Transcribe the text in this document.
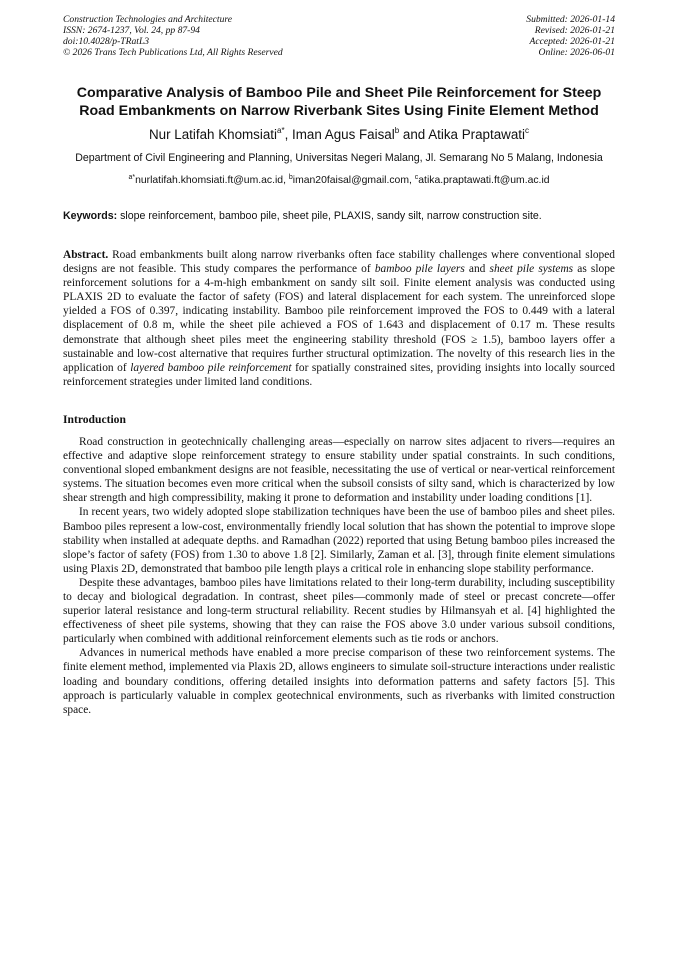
Construction Technologies and Architecture
ISSN: 2674-1237, Vol. 24, pp 87-94
doi:10.4028/p-TRatL3
© 2026 Trans Tech Publications Ltd, All Rights Reserved
Submitted: 2026-01-14
Revised: 2026-01-21
Accepted: 2026-01-21
Online: 2026-06-01
Comparative Analysis of Bamboo Pile and Sheet Pile Reinforcement for Steep Road Embankments on Narrow Riverbank Sites Using Finite Element Method
Nur Latifah Khomsiati$^{a*}$, Iman Agus Faisal$^b$ and Atika Praptawati$^c$
Department of Civil Engineering and Planning, Universitas Negeri Malang, Jl. Semarang No 5 Malang, Indonesia
$^{a*}$nurlatifah.khomsiati.ft@um.ac.id, $^b$iman20faisal@gmail.com, $^c$atika.praptawati.ft@um.ac.id
Keywords: slope reinforcement, bamboo pile, sheet pile, PLAXIS, sandy silt, narrow construction site.
Abstract. Road embankments built along narrow riverbanks often face stability challenges where conventional sloped designs are not feasible. This study compares the performance of bamboo pile layers and sheet pile systems as slope reinforcement solutions for a 4-m-high embankment on sandy silt soil. Finite element analysis was conducted using PLAXIS 2D to evaluate the factor of safety (FOS) and lateral displacement for each system. The unreinforced slope yielded a FOS of 0.397, indicating instability. Bamboo pile reinforcement improved the FOS to 0.449 with a lateral displacement of 0.8 m, while the sheet pile achieved a FOS of 1.643 and displacement of 0.17 m. These results demonstrate that although sheet piles meet the engineering stability threshold (FOS ≥ 1.5), bamboo layers offer a sustainable and low-cost alternative that requires further structural optimization. The novelty of this research lies in the application of layered bamboo pile reinforcement for spatially constrained sites, providing insights into locally sourced reinforcement strategies under limited land conditions.
Introduction

Road construction in geotechnically challenging areas—especially on narrow sites adjacent to rivers—requires an effective and adaptive slope reinforcement strategy to ensure stability under spatial constraints. In such conditions, conventional sloped embankment designs are not feasible, necessitating the use of vertical or near-vertical reinforcement systems. The situation becomes even more critical when the subsoil consists of silty sand, which is characterized by low shear strength and high compressibility, making it prone to deformation and instability under loading conditions [1].

In recent years, two widely adopted slope stabilization techniques have been the use of bamboo piles and sheet piles. Bamboo piles represent a low-cost, environmentally friendly local solution that has shown the potential to improve slope stability when installed at adequate depths. and Ramadhan (2022) reported that using Betung bamboo piles increased the slope’s factor of safety (FOS) from 1.30 to above 1.8 [2]. Similarly, Zaman et al. [3], through finite element simulations using Plaxis 2D, demonstrated that bamboo pile length plays a critical role in enhancing slope stability performance.

Despite these advantages, bamboo piles have limitations related to their long-term durability, including susceptibility to decay and biological degradation. In contrast, sheet piles—commonly made of steel or precast concrete—offer superior lateral resistance and long-term structural reliability. Recent studies by Hilmansyah et al. [4] highlighted the effectiveness of sheet pile systems, showing that they can raise the FOS above 3.0 under various subsoil conditions, particularly when combined with additional reinforcement elements such as tie rods or anchors.

Advances in numerical methods have enabled a more precise comparison of these two reinforcement systems. The finite element method, implemented via Plaxis 2D, allows engineers to simulate soil-structure interactions under realistic loading and boundary conditions, offering detailed insights into deformation patterns and safety factors [5]. This approach is particularly valuable in complex geotechnical environments, such as riverbanks with limited construction space.
